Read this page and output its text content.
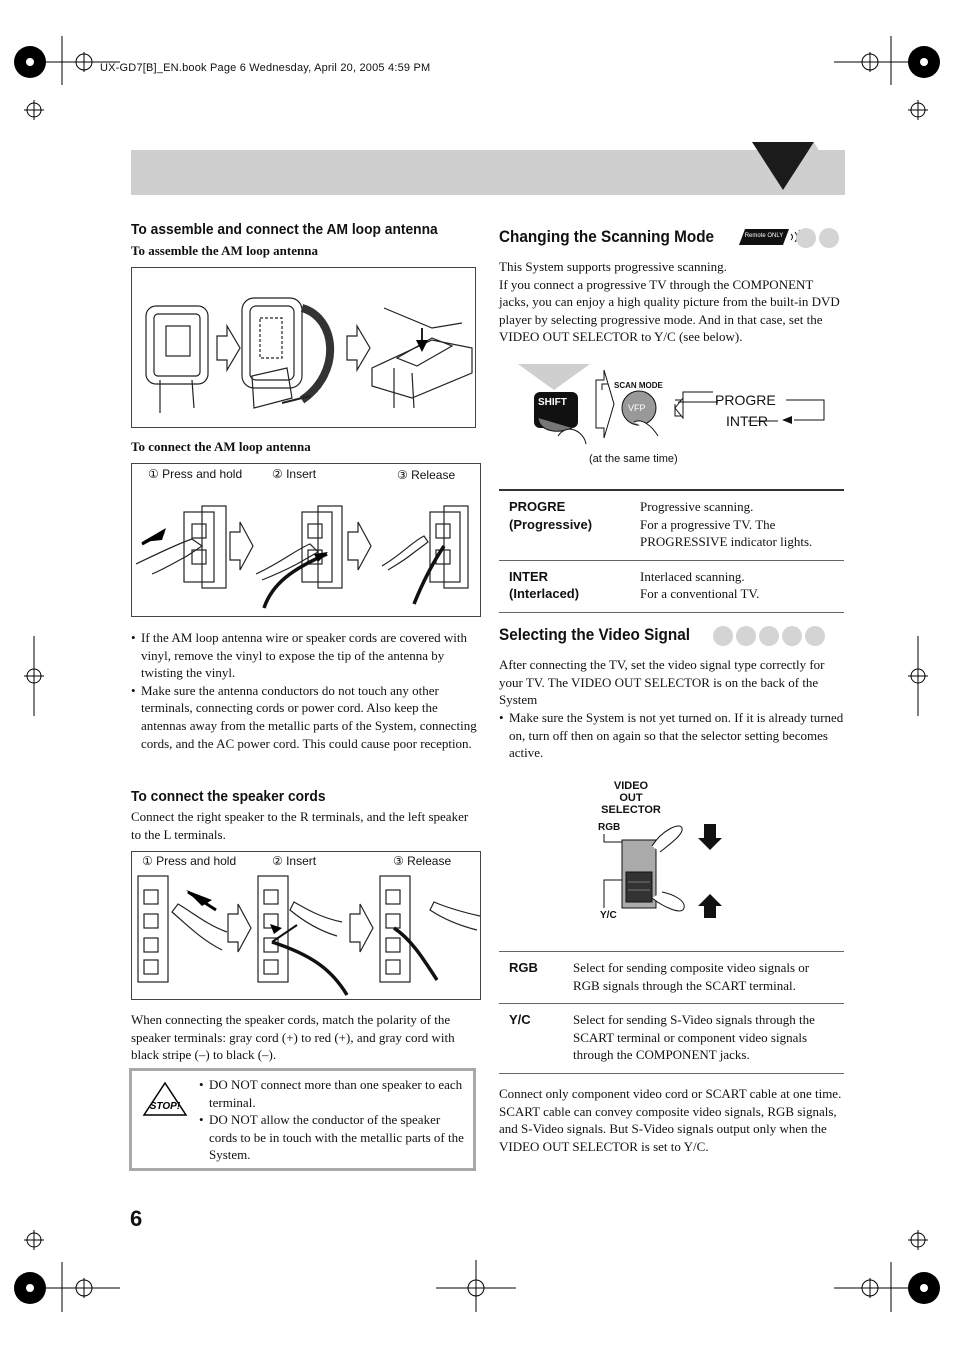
UX-GD7[B]_EN.book Page 6 Wednesday, April 20, 2005 4:59 PM
To assemble and connect the AM loop antenna
To assemble the AM loop antenna
To connect the AM loop antenna
① Press and hold ② Insert	③ Release
• If the AM loop antenna wire or speaker cords are covered with vinyl, remove the vinyl to expose the tip of the antenna by twisting the vinyl.
• Make sure the antenna conductors do not touch any other terminals, connecting cords or power cord. Also keep the antennas away from the metallic parts of the System, connecting cords, and the AC power cord. This could cause poor reception.
To connect the speaker cords

Connect the right speaker to the R terminals, and the left speaker to the L terminals.

① Press and hold	② Insert	③ Release

When connecting the speaker cords, match the polarity of the speaker terminals: gray cord (+) to red (+), and gray cord with black stripe (–) to black (–).

STOP!
• DO NOT connect more than one speaker to each terminal.
• DO NOT allow the conductor of the speaker cords to be in touch with the metallic parts of the System.
6
Changing the Scanning Mode	Remote ONLY

This System supports progressive scanning.
If you connect a progressive TV through the COMPONENT jacks, you can enjoy a high quality picture from the built-in DVD player by selecting progressive mode. And in that case, set the VIDEO OUT SELECTOR to Y/C (see below).

SHIFT
SCAN MODE
VFP	PROGRE
INTER
(at the same time)
PROGRE
(Progressive)	Progressive scanning.
For a progressive TV. The PROGRESSIVE indicator lights.

INTER
(Interlaced)	Interlaced scanning.
For a conventional TV.
Selecting the Video Signal

After connecting the TV, set the video signal type correctly for your TV. The VIDEO OUT SELECTOR is on the back of the System

• Make sure the System is not yet turned on. If it is already turned on, turn off then on again so that the selector setting becomes active.
VIDEO
OUT
SELECTOR
RGB
Y/C
RGB	Select for sending composite video signals or RGB signals through the SCART terminal.

Y/C	Select for sending S-Video signals through the SCART terminal or component video signals through the COMPONENT jacks.

Connect only component video cord or SCART cable at one time. SCART cable can convey composite video signals, RGB signals, and S-Video signals. But S-Video signals output only when the VIDEO OUT SELECTOR is set to Y/C.
